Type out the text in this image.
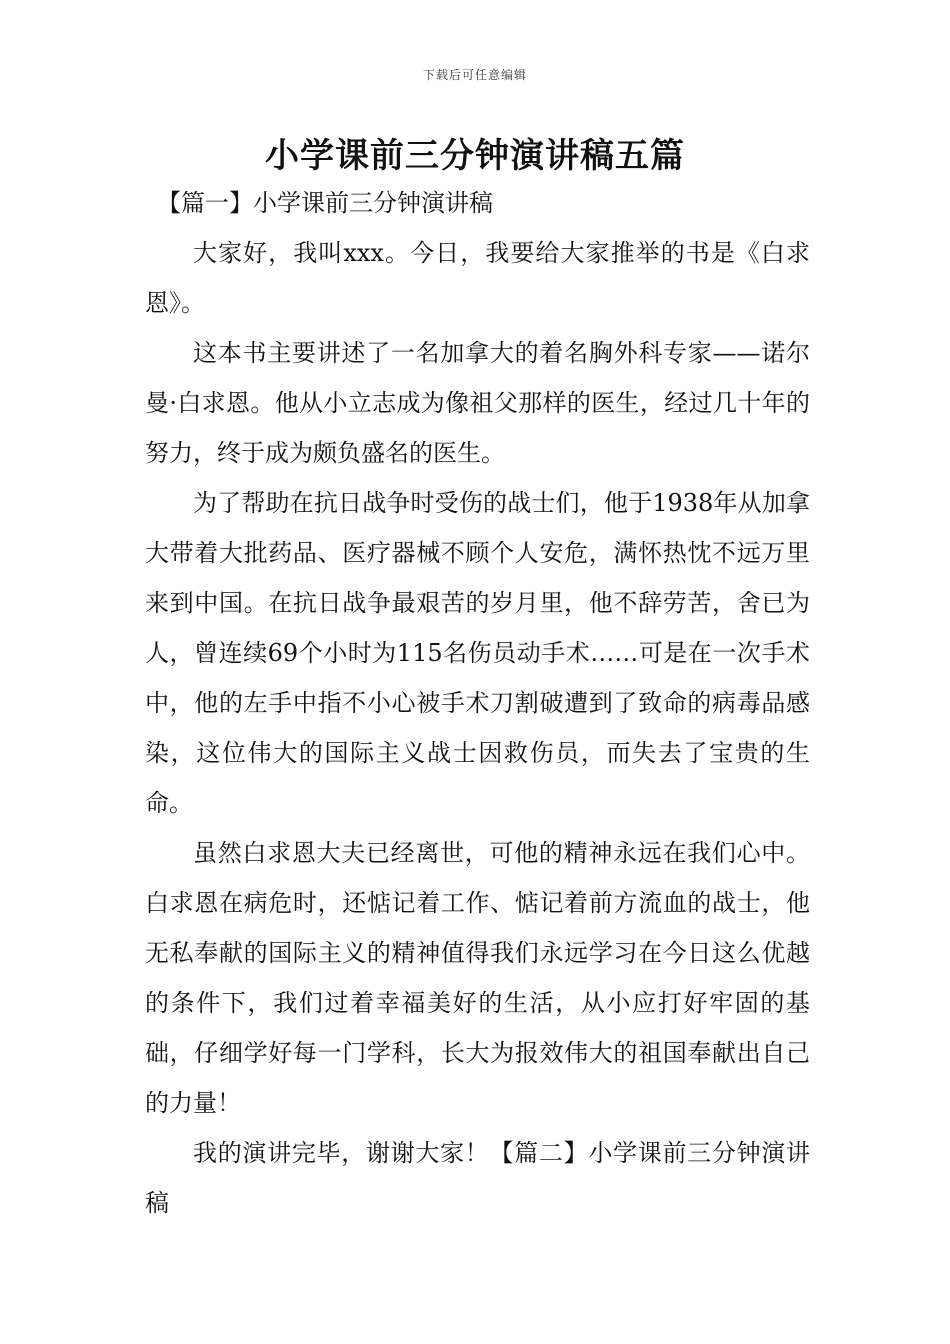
下载后可任意编辑
小学课前三分钟演讲稿五篇

【篇一】小学课前三分钟演讲稿

大家好，我叫xxx。今日，我要给大家推举的书是《白求恩》。

这本书主要讲述了一名加拿大的着名胸外科专家——诺尔曼·白求恩。他从小立志成为像祖父那样的医生，经过几十年的努力，终于成为颇负盛名的医生。

为了帮助在抗日战争时受伤的战士们，他于1938年从加拿大带着大批药品、医疗器械不顾个人安危，满怀热忱不远万里来到中国。在抗日战争最艰苦的岁月里，他不辞劳苦，舍已为人，曾连续69个小时为115名伤员动手术……可是在一次手术中，他的左手中指不小心被手术刀割破遭到了致命的病毒品感染，这位伟大的国际主义战士因救伤员，而失去了宝贵的生命。

虽然白求恩大夫已经离世，可他的精神永远在我们心中。白求恩在病危时，还惦记着工作、惦记着前方流血的战士，他无私奉献的国际主义的精神值得我们永远学习在今日这么优越的条件下，我们过着幸福美好的生活，从小应打好牢固的基础，仔细学好每一门学科，长大为报效伟大的祖国奉献出自己的力量！

我的演讲完毕，谢谢大家！【篇二】小学课前三分钟演讲稿
